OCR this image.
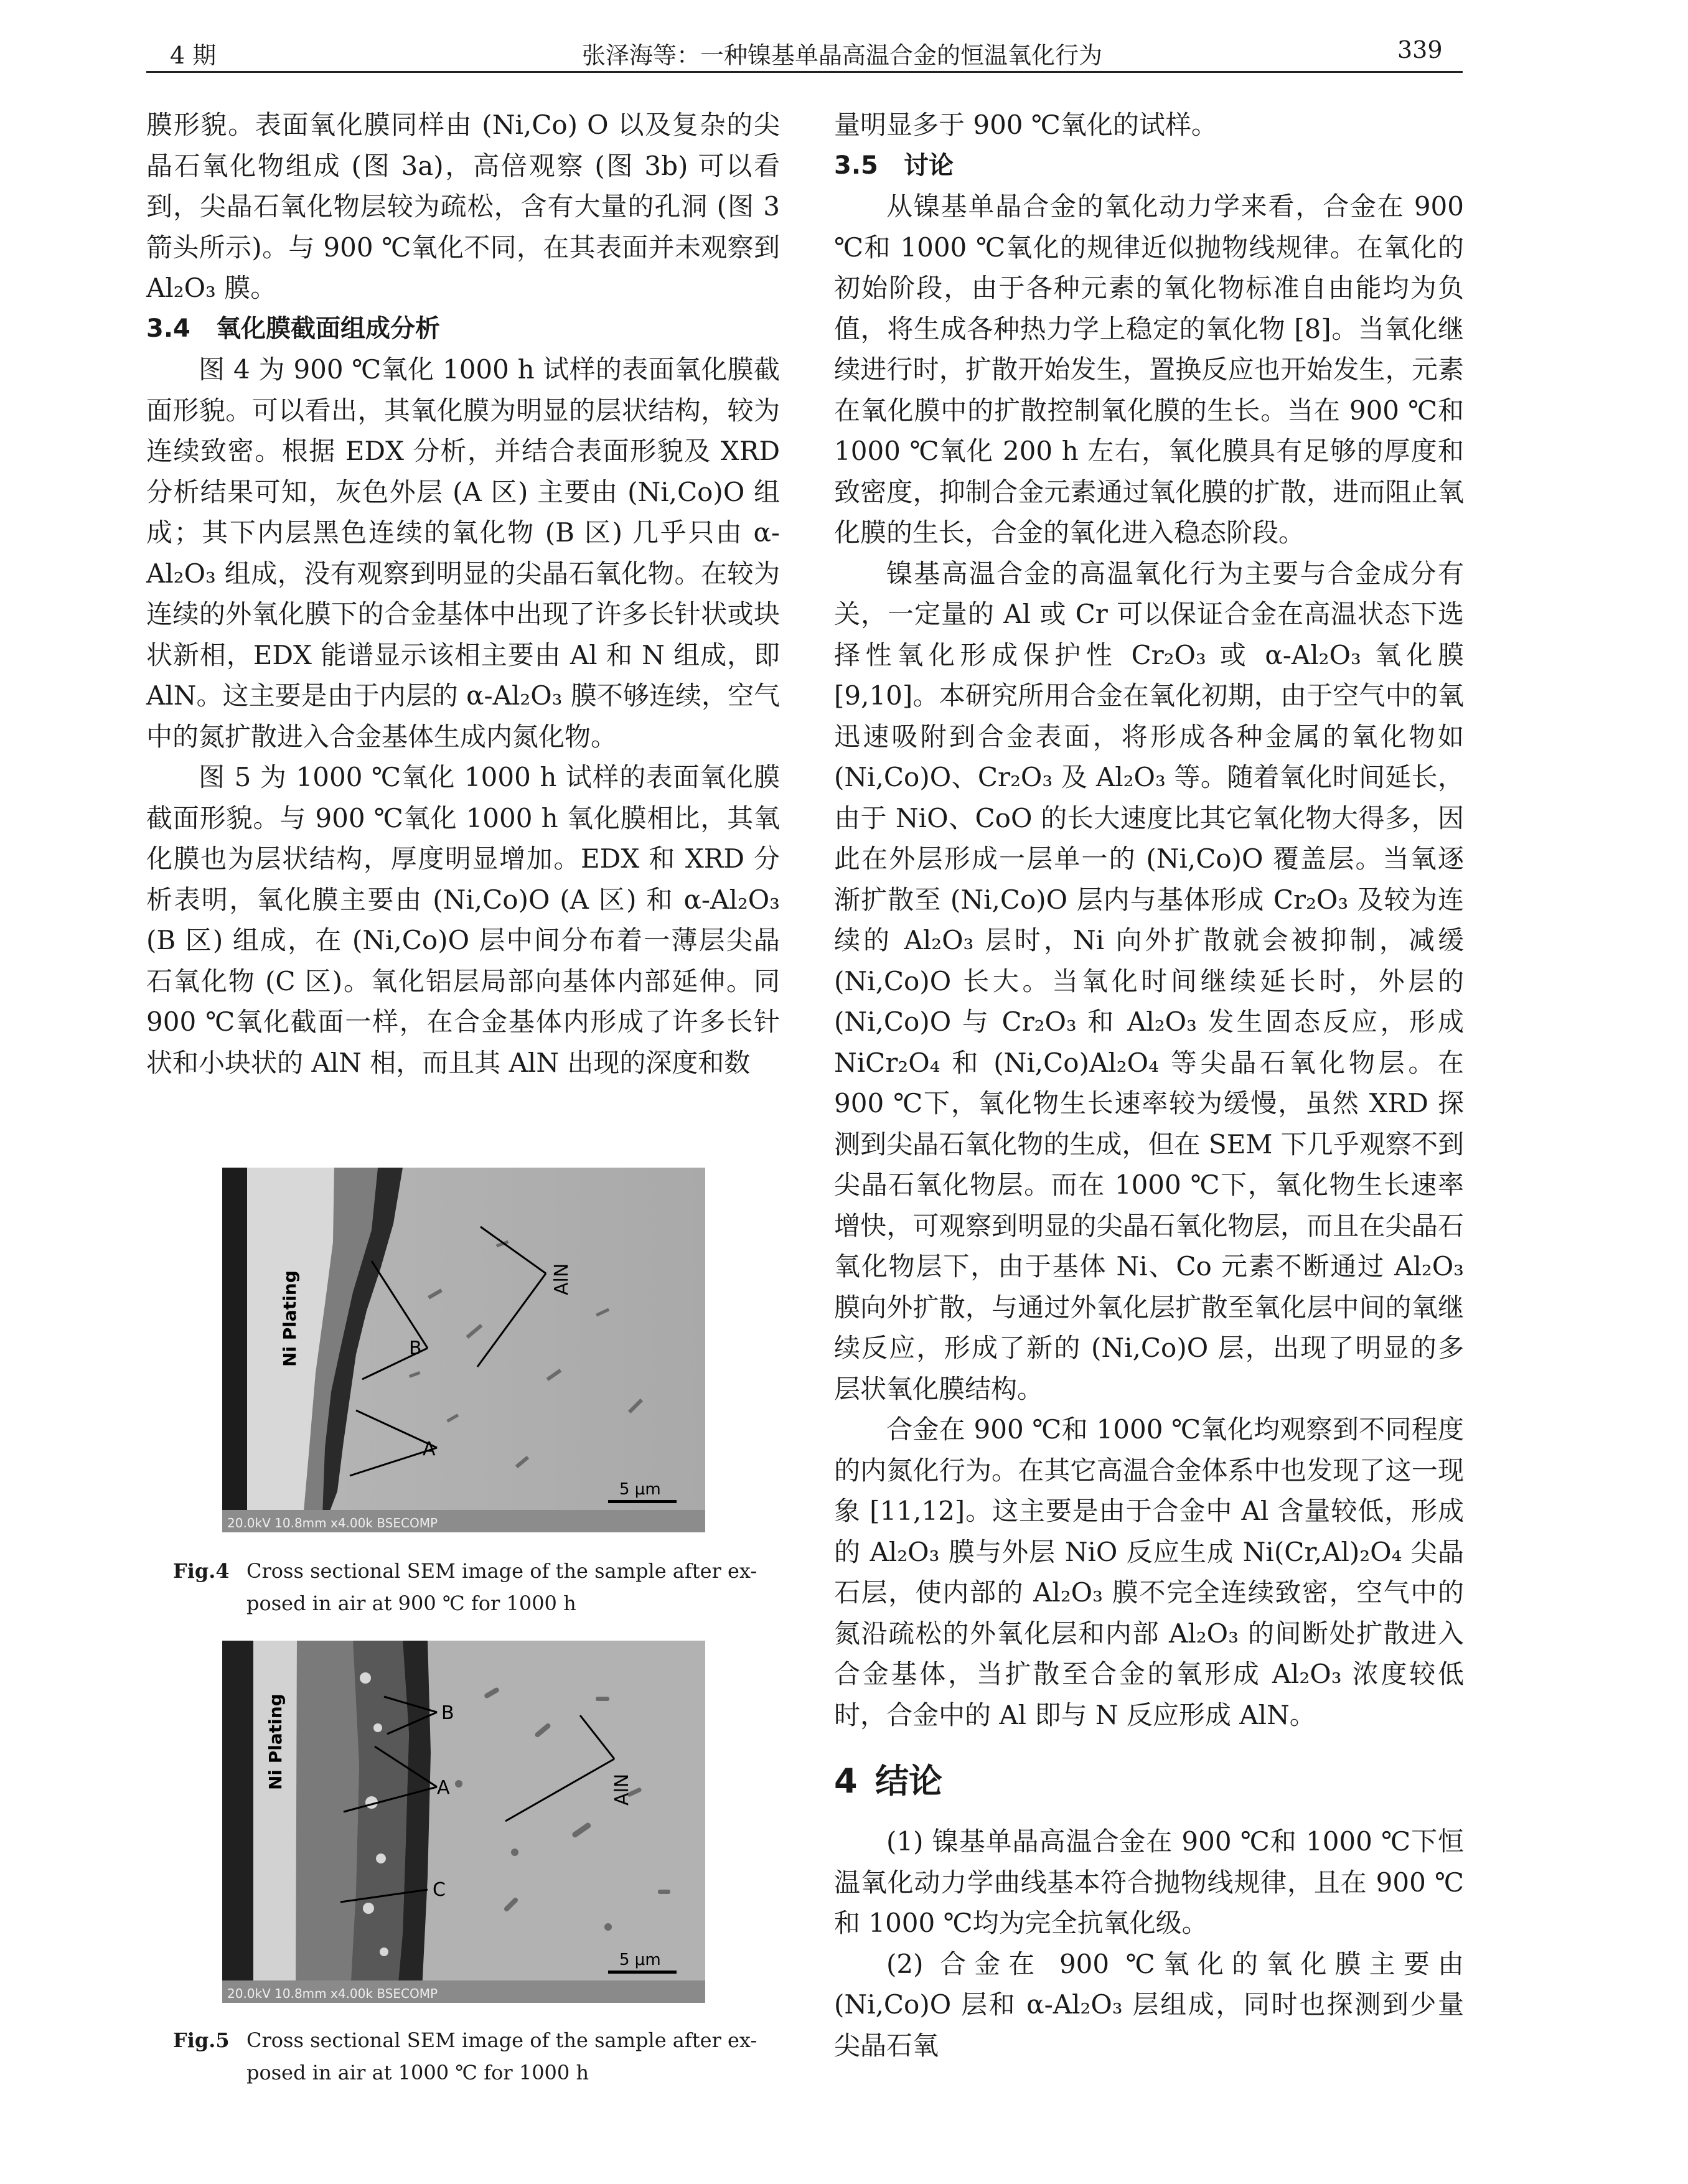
4 期	张泽海等：一种镍基单晶高温合金的恒温氧化行为	339

膜形貌。表面氧化膜同样由 (Ni,Co) O 以及复杂的尖晶石氧化物组成 (图 3a)，高倍观察 (图 3b) 可以看到，尖晶石氧化物层较为疏松，含有大量的孔洞 (图 3 箭头所示)。与 900 ℃氧化不同，在其表面并未观察到 Al₂O₃ 膜。

3.4 氧化膜截面组成分析

图 4 为 900 ℃氧化 1000 h 试样的表面氧化膜截面形貌。可以看出，其氧化膜为明显的层状结构，较为连续致密。根据 EDX 分析，并结合表面形貌及 XRD 分析结果可知，灰色外层 (A 区) 主要由 (Ni,Co)O 组成；其下内层黑色连续的氧化物 (B 区) 几乎只由 α-Al₂O₃ 组成，没有观察到明显的尖晶石氧化物。在较为连续的外氧化膜下的合金基体中出现了许多长针状或块状新相，EDX 能谱显示该相主要由 Al 和 N 组成，即 AlN。这主要是由于内层的 α-Al₂O₃ 膜不够连续，空气中的氮扩散进入合金基体生成内氮化物。

图 5 为 1000 ℃氧化 1000 h 试样的表面氧化膜截面形貌。与 900 ℃氧化 1000 h 氧化膜相比，其氧化膜也为层状结构，厚度明显增加。EDX 和 XRD 分析表明，氧化膜主要由 (Ni,Co)O (A 区) 和 α-Al₂O₃ (B 区) 组成，在 (Ni,Co)O 层中间分布着一薄层尖晶石氧化物 (C 区)。氧化铝层局部向基体内部延伸。同 900 ℃氧化截面一样，在合金基体内形成了许多长针状和小块状的 AlN 相，而且其 AlN 出现的深度和数

B
A
AlN
Ni Plating
20.0kV 10.8mm x4.00k BSECOMP
5 μm
Fig.4 Cross sectional SEM image of the sample after ex-
posed in air at 900 ℃ for 1000 h
B
A
C
AlN
Ni Plating
20.0kV 10.8mm x4.00k BSECOMP
5 μm
Fig.5 Cross sectional SEM image of the sample after ex-
posed in air at 1000 ℃ for 1000 h

量明显多于 900 ℃氧化的试样。

3.5 讨论

从镍基单晶合金的氧化动力学来看，合金在 900 ℃和 1000 ℃氧化的规律近似抛物线规律。在氧化的初始阶段，由于各种元素的氧化物标准自由能均为负值，将生成各种热力学上稳定的氧化物 [8]。当氧化继续进行时，扩散开始发生，置换反应也开始发生，元素在氧化膜中的扩散控制氧化膜的生长。当在 900 ℃和 1000 ℃氧化 200 h 左右，氧化膜具有足够的厚度和致密度，抑制合金元素通过氧化膜的扩散，进而阻止氧化膜的生长，合金的氧化进入稳态阶段。

镍基高温合金的高温氧化行为主要与合金成分有关，一定量的 Al 或 Cr 可以保证合金在高温状态下选择性氧化形成保护性 Cr₂O₃ 或 α-Al₂O₃ 氧化膜 [9,10]。本研究所用合金在氧化初期，由于空气中的氧迅速吸附到合金表面，将形成各种金属的氧化物如 (Ni,Co)O、Cr₂O₃ 及 Al₂O₃ 等。随着氧化时间延长，由于 NiO、CoO 的长大速度比其它氧化物大得多，因此在外层形成一层单一的 (Ni,Co)O 覆盖层。当氧逐渐扩散至 (Ni,Co)O 层内与基体形成 Cr₂O₃ 及较为连续的 Al₂O₃ 层时，Ni 向外扩散就会被抑制，减缓 (Ni,Co)O 长大。当氧化时间继续延长时，外层的 (Ni,Co)O 与 Cr₂O₃ 和 Al₂O₃ 发生固态反应，形成 NiCr₂O₄ 和 (Ni,Co)Al₂O₄ 等尖晶石氧化物层。在 900 ℃下，氧化物生长速率较为缓慢，虽然 XRD 探测到尖晶石氧化物的生成，但在 SEM 下几乎观察不到尖晶石氧化物层。而在 1000 ℃下，氧化物生长速率增快，可观察到明显的尖晶石氧化物层，而且在尖晶石氧化物层下，由于基体 Ni、Co 元素不断通过 Al₂O₃ 膜向外扩散，与通过外氧化层扩散至氧化层中间的氧继续反应，形成了新的 (Ni,Co)O 层，出现了明显的多层状氧化膜结构。

合金在 900 ℃和 1000 ℃氧化均观察到不同程度的内氮化行为。在其它高温合金体系中也发现了这一现象 [11,12]。这主要是由于合金中 Al 含量较低，形成的 Al₂O₃ 膜与外层 NiO 反应生成 Ni(Cr,Al)₂O₄ 尖晶石层，使内部的 Al₂O₃ 膜不完全连续致密，空气中的氮沿疏松的外氧化层和内部 Al₂O₃ 的间断处扩散进入合金基体，当扩散至合金的氧形成 Al₂O₃ 浓度较低时，合金中的 Al 即与 N 反应形成 AlN。

4 结论

(1) 镍基单晶高温合金在 900 ℃和 1000 ℃下恒温氧化动力学曲线基本符合抛物线规律，且在 900 ℃和 1000 ℃均为完全抗氧化级。

(2) 合金在 900 ℃氧化的氧化膜主要由 (Ni,Co)O 层和 α-Al₂O₃ 层组成，同时也探测到少量尖晶石氧
